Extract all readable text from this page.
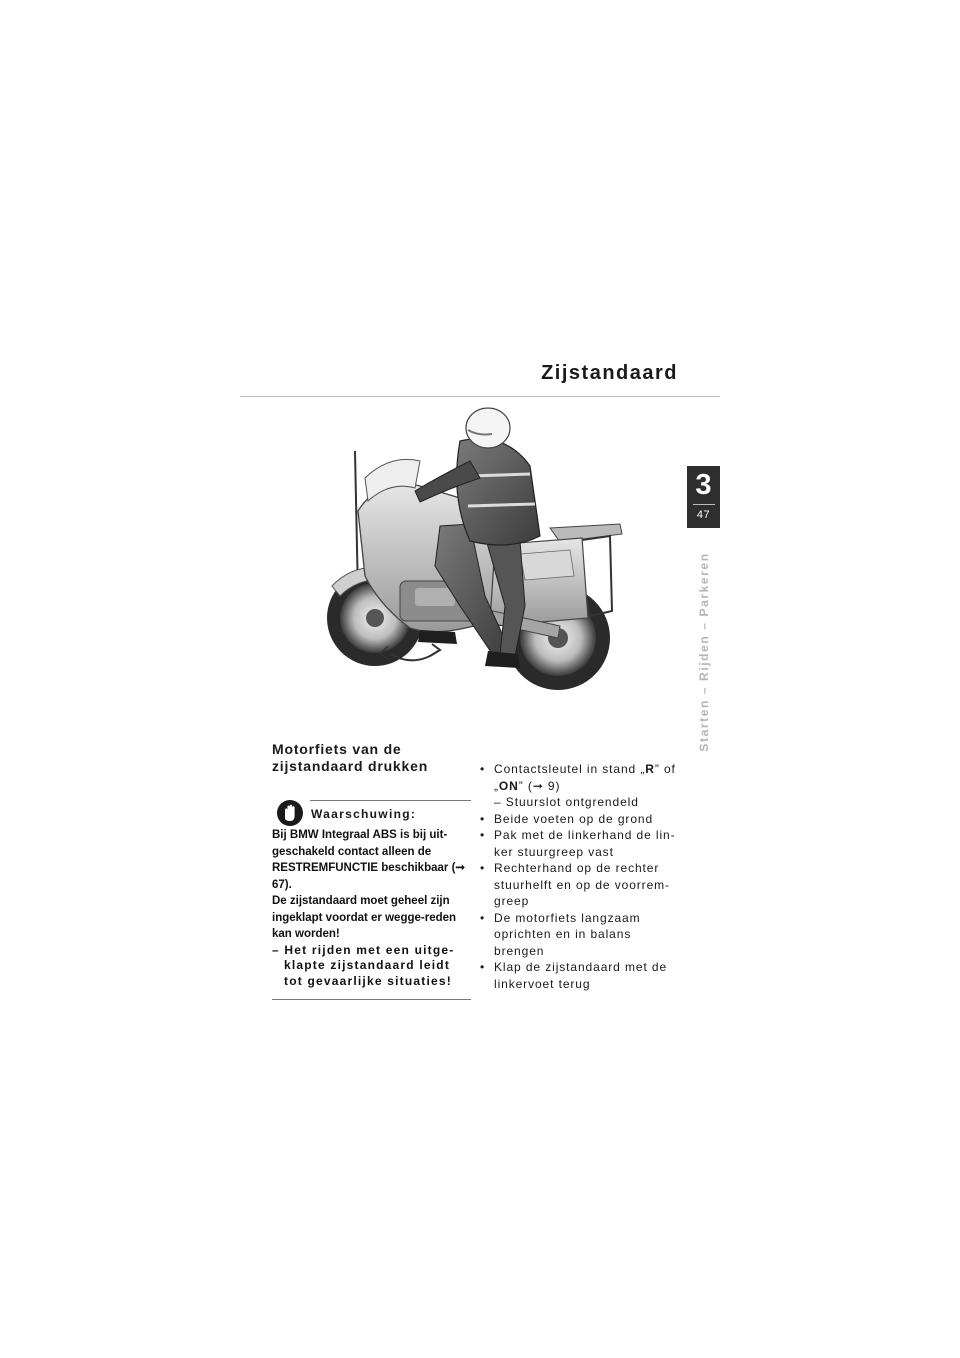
Zijstandaard
3
47
Starten – Rijden – Parkeren
Motorfiets van de zijstandaard drukken
Waarschuwing:

Bij BMW Integraal ABS is bij uit-geschakeld contact alleen de RESTREMFUNCTIE beschikbaar (➞ 67).

De zijstandaard moet geheel zijn ingeklapt voordat er wegge-reden kan worden!

– Het rijden met een uitge-klapte zijstandaard leidt tot gevaarlijke situaties!

• Contactsleutel in stand „R” of „ON” (➞ 9)
– Stuurslot ontgrendeld
• Beide voeten op de grond
• Pak met de linkerhand de lin-ker stuurgreep vast
• Rechterhand op de rechter stuurhelft en op de voorrem-greep
• De motorfiets langzaam oprichten en in balans brengen
• Klap de zijstandaard met de linkervoet terug
